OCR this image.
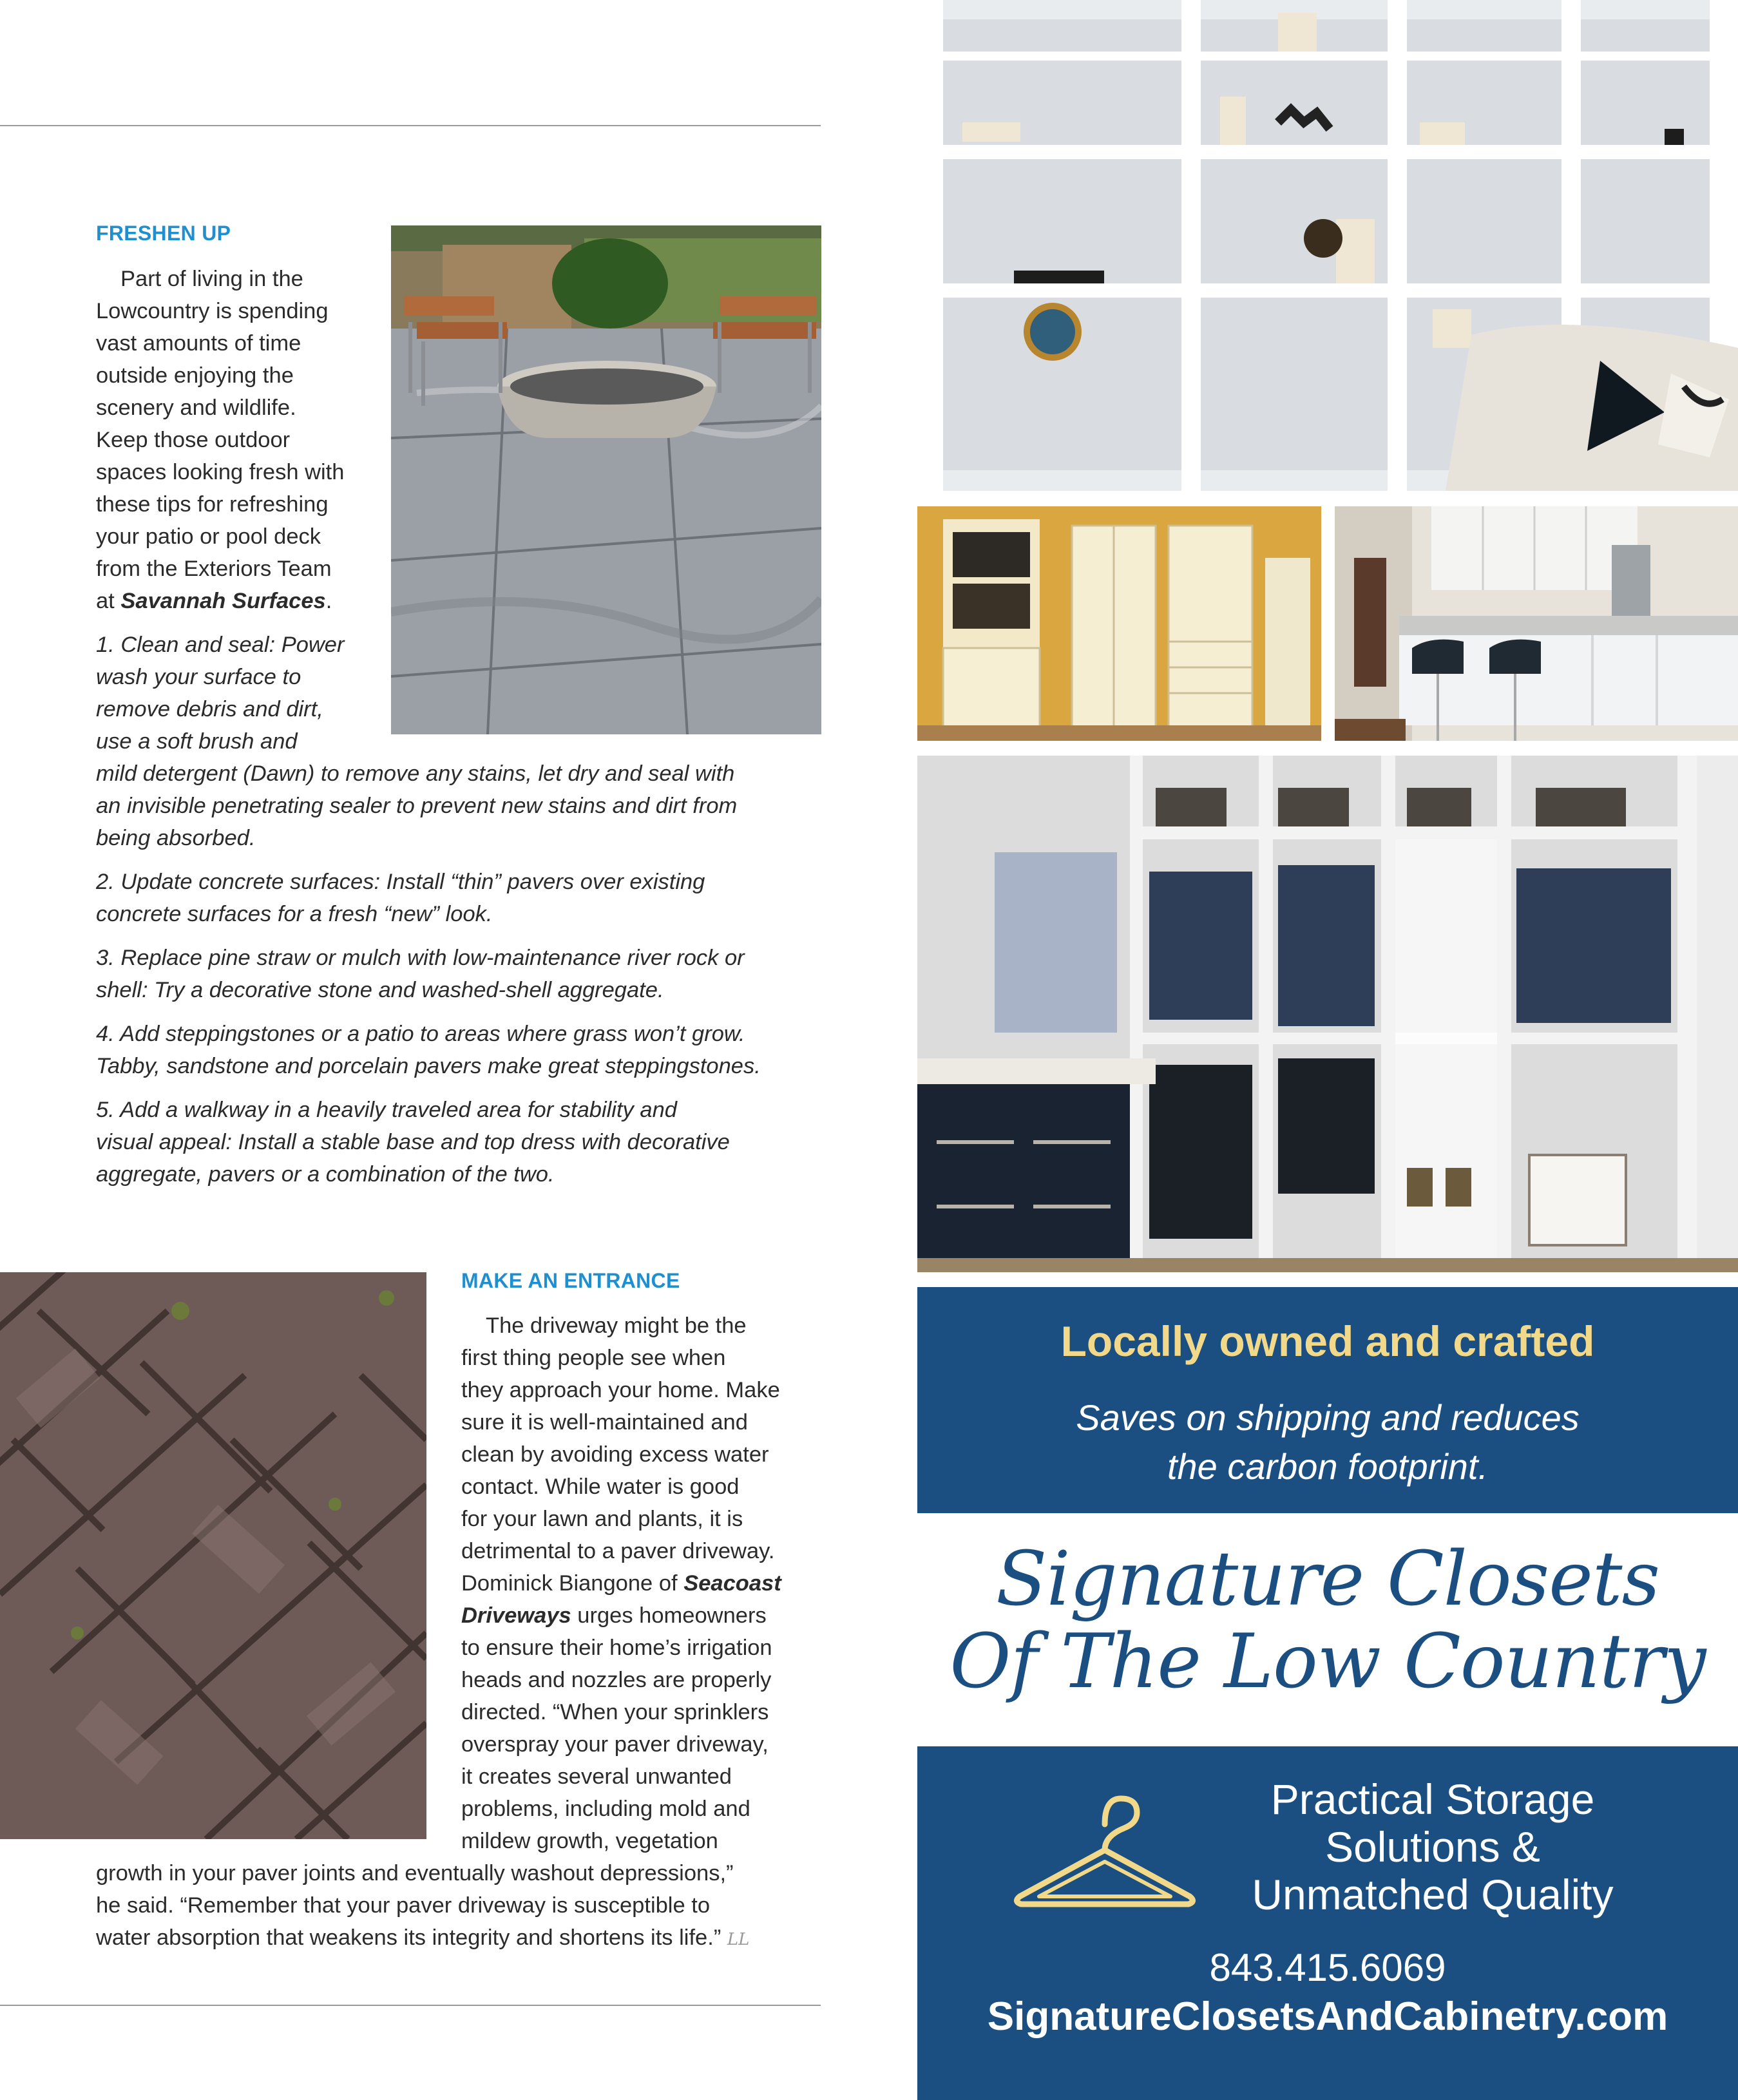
FRESHEN UP

Part of living in the

Lowcountry is spending

vast amounts of time

outside enjoying the

scenery and wildlife.

Keep those outdoor

spaces looking fresh with

these tips for refreshing

your patio or pool deck

from the Exteriors Team

at Savannah Surfaces.

1. Clean and seal: Power

wash your surface to

remove debris and dirt,

use a soft brush and

mild detergent (Dawn) to remove any stains, let dry and seal with

an invisible penetrating sealer to prevent new stains and dirt from

being absorbed.

2. Update concrete surfaces: Install “thin” pavers over existing

concrete surfaces for a fresh “new” look.

3. Replace pine straw or mulch with low-maintenance river rock or

shell: Try a decorative stone and washed-shell aggregate.

4. Add steppingstones or a patio to areas where grass won’t grow.

Tabby, sandstone and porcelain pavers make great steppingstones.

5. Add a walkway in a heavily traveled area for stability and

visual appeal: Install a stable base and top dress with decorative

aggregate, pavers or a combination of the two.

MAKE AN ENTRANCE

The driveway might be the

first thing people see when

they approach your home. Make

sure it is well-maintained and

clean by avoiding excess water

contact. While water is good

for your lawn and plants, it is

detrimental to a paver driveway.

Dominick Biangone of Seacoast

Driveways urges homeowners

to ensure their home’s irrigation

heads and nozzles are properly

directed. “When your sprinklers

overspray your paver driveway,

it creates several unwanted

problems, including mold and

mildew growth, vegetation

growth in your paver joints and eventually washout depressions,”

he said. “Remember that your paver driveway is susceptible to

water absorption that weakens its integrity and shortens its life.” LL

Locally owned and crafted
Saves on shipping and reduces
the carbon footprint.
Signature Closets
Of The Low Country
Practical Storage
Solutions &
Unmatched Quality
843.415.6069
SignatureClosetsAndCabinetry.com
